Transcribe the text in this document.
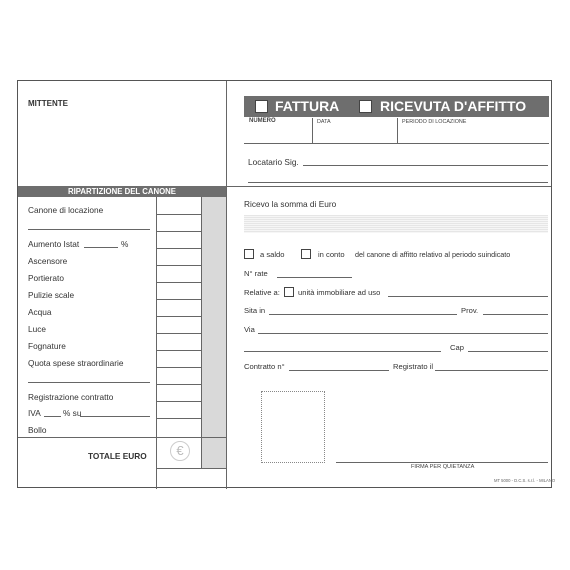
MITTENTE	FATTURA	RICEVUTA D'AFFITTO
NUMERO	DATA	PERIODO DI LOCAZIONE
Locatario Sig.
RIPARTIZIONE DEL CANONE
Canone di locazione
Aumento Istat	%
Ascensore
Portierato
Pulizie scale
Acqua
Luce
Fognature
Quota spese straordinarie
Registrazione contratto
IVA	% su
Bollo
TOTALE EURO	€
Ricevo la somma di Euro
a saldo	in conto del canone di affitto relativo al periodo suindicato
N° rate
Relative a: unità immobiliare ad uso
Sita in	Prov.
Via
Cap
Contratto n°	Registrato il
FIRMA PER QUIETANZA
MT 5000 - D.C.S. s.r.l. - MILANO
